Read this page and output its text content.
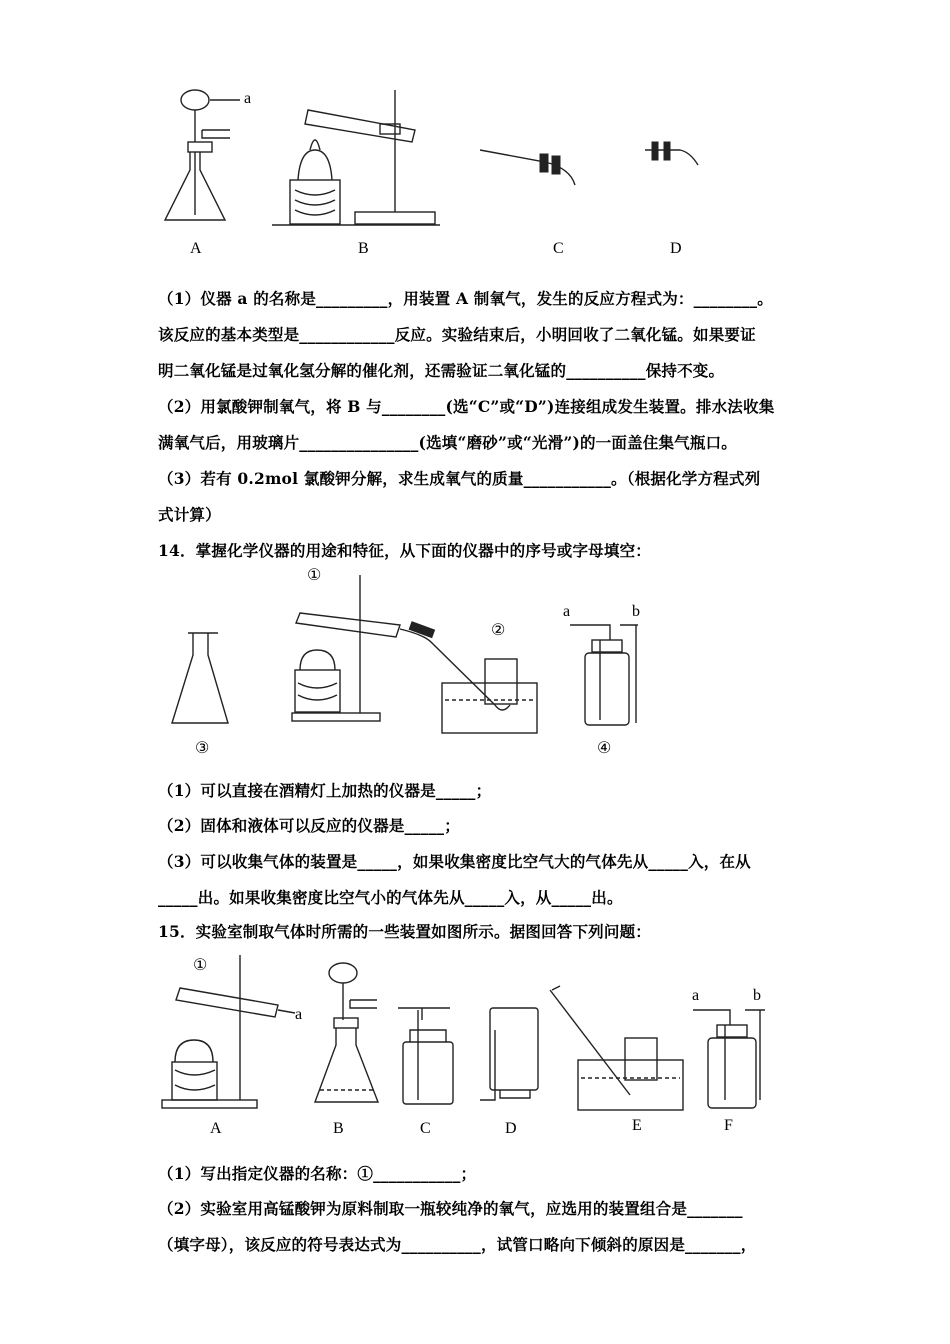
a
A	B	C	D
（1）仪器 a 的名称是_________，用装置 A 制氧气，发生的反应方程式为：________。
该反应的基本类型是____________反应。实验结束后，小明回收了二氧化锰。如果要证
明二氧化锰是过氧化氢分解的催化剂，还需验证二氧化锰的__________保持不变。
（2）用氯酸钾制氧气，将 B 与________(选“C”或“D”)连接组成发生装置。排水法收集
满氧气后，用玻璃片_______________(选填“磨砂”或“光滑”)的一面盖住集气瓶口。
（3）若有 0.2mol 氯酸钾分解，求生成氧气的质量___________。（根据化学方程式列
式计算）
14．掌握化学仪器的用途和特征，从下面的仪器中的序号或字母填空：
①
②
③	④
a	b
（1）可以直接在酒精灯上加热的仪器是_____；
（2）固体和液体可以反应的仪器是_____；
（3）可以收集气体的装置是_____，如果收集密度比空气大的气体先从_____入，在从
_____出。如果收集密度比空气小的气体先从_____入，从_____出。
15．实验室制取气体时所需的一些装置如图所示。据图回答下列问题：
①
a
a	b
A	B	C	D	E	F
（1）写出指定仪器的名称：①___________；
（2）实验室用高锰酸钾为原料制取一瓶较纯净的氧气，应选用的装置组合是_______
（填字母），该反应的符号表达式为__________，试管口略向下倾斜的原因是_______，
